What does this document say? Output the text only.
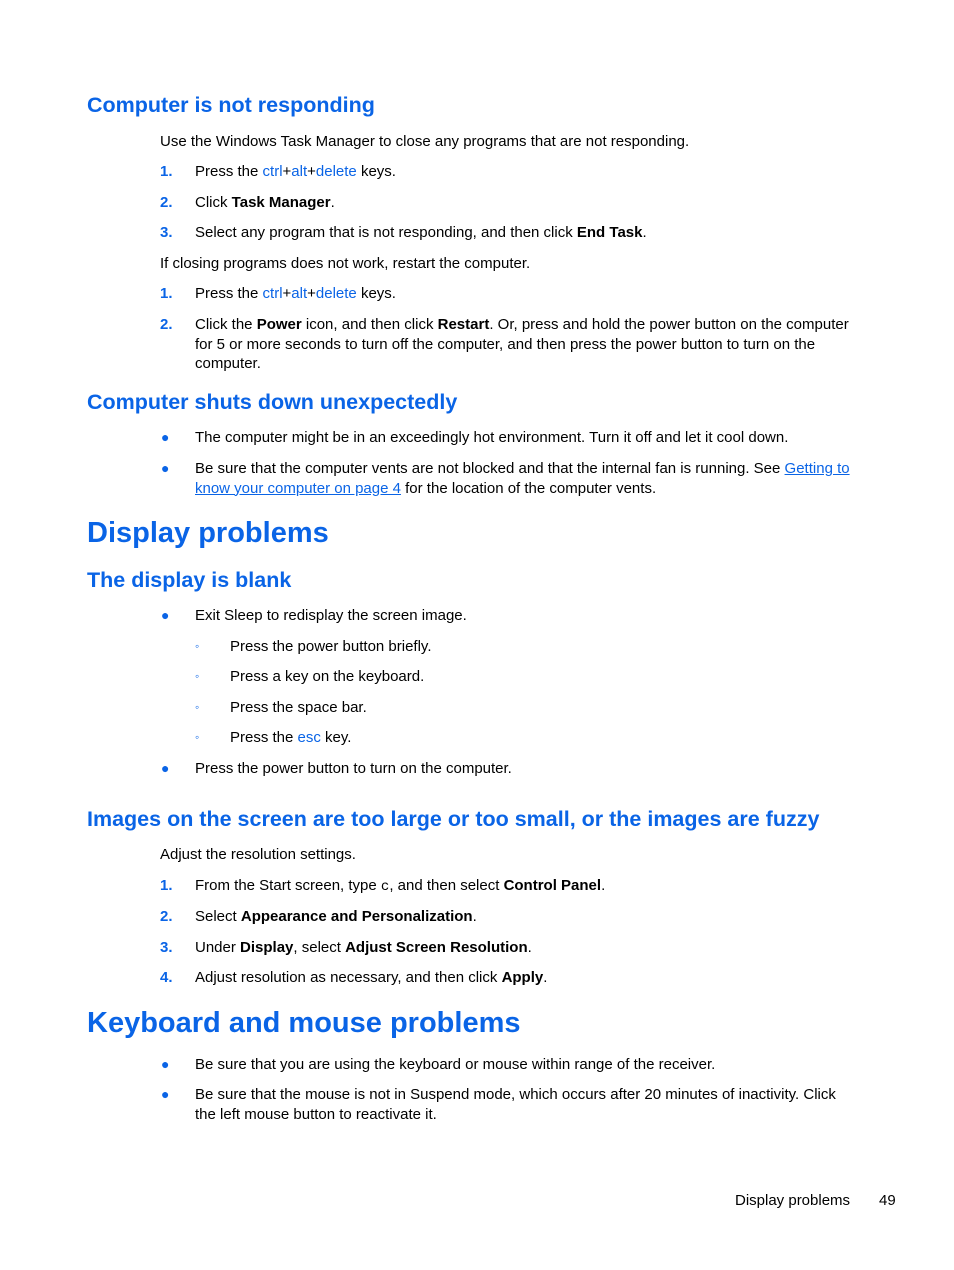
Computer is not responding
Use the Windows Task Manager to close any programs that are not responding.
1. Press the ctrl+alt+delete keys.
2. Click Task Manager.
3. Select any program that is not responding, and then click End Task.
If closing programs does not work, restart the computer.
1. Press the ctrl+alt+delete keys.
2. Click the Power icon, and then click Restart. Or, press and hold the power button on the computer for 5 or more seconds to turn off the computer, and then press the power button to turn on the computer.
Computer shuts down unexpectedly
● The computer might be in an exceedingly hot environment. Turn it off and let it cool down.
● Be sure that the computer vents are not blocked and that the internal fan is running. See Getting to know your computer on page 4 for the location of the computer vents.
Display problems
The display is blank
● Exit Sleep to redisplay the screen image.
◦ Press the power button briefly.
◦ Press a key on the keyboard.
◦ Press the space bar.
◦ Press the esc key.
● Press the power button to turn on the computer.
Images on the screen are too large or too small, or the images are fuzzy
Adjust the resolution settings.
1. From the Start screen, type c, and then select Control Panel.
2. Select Appearance and Personalization.
3. Under Display, select Adjust Screen Resolution.
4. Adjust resolution as necessary, and then click Apply.
Keyboard and mouse problems
● Be sure that you are using the keyboard or mouse within range of the receiver.
● Be sure that the mouse is not in Suspend mode, which occurs after 20 minutes of inactivity. Click the left mouse button to reactivate it.
Display problems 49
